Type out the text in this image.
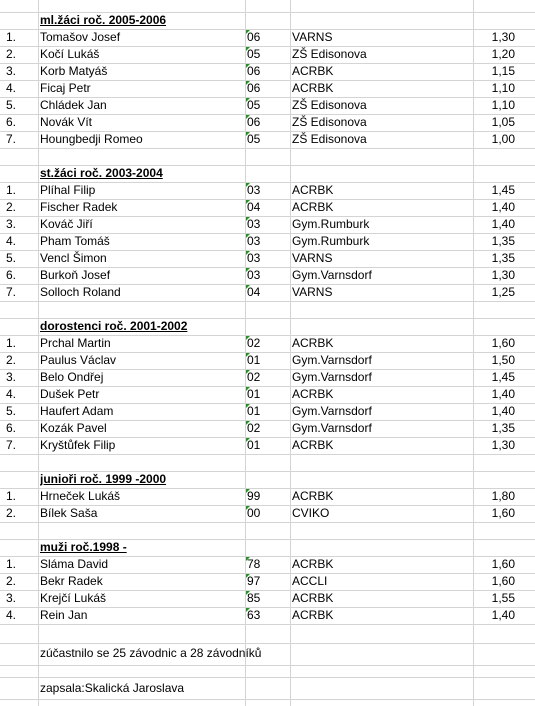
ml.žáci roč. 2005-2006
1.	Tomašov Josef	06	VARNS	1,30
2.	Kočí Lukáš	05	ZŠ Edisonova	1,20
3.	Korb Matyáš	06	ACRBK	1,15
4.	Ficaj Petr	06	ACRBK	1,10
5.	Chládek Jan	05	ZŠ Edisonova	1,10
6.	Novák Vít	06	ZŠ Edisonova	1,05
7.	Houngbedji Romeo	05	ZŠ Edisonova	1,00
st.žáci roč. 2003-2004
1.	Plíhal Filip	03	ACRBK	1,45
2.	Fischer Radek	04	ACRBK	1,40
3.	Kováč Jiří	03	Gym.Rumburk	1,40
4.	Pham Tomáš	03	Gym.Rumburk	1,35
5.	Vencl Šimon	03	VARNS	1,35
6.	Burkoň Josef	03	Gym.Varnsdorf	1,30
7.	Solloch Roland	04	VARNS	1,25
dorostenci roč. 2001-2002
1.	Prchal Martin	02	ACRBK	1,60
2.	Paulus Václav	01	Gym.Varnsdorf	1,50
3.	Belo Ondřej	02	Gym.Varnsdorf	1,45
4.	Dušek Petr	01	ACRBK	1,40
5.	Haufert Adam	01	Gym.Varnsdorf	1,40
6.	Kozák Pavel	02	Gym.Varnsdorf	1,35
7.	Kryštůfek Filip	01	ACRBK	1,30
junioři roč. 1999 -2000
1.	Hrneček Lukáš	99	ACRBK	1,80
2.	Bílek Saša	00	CVIKO	1,60
muži roč.1998 -
1.	Sláma David	78	ACRBK	1,60
2.	Bekr Radek	97	ACCLI	1,60
3.	Krejčí Lukáš	85	ACRBK	1,55
4.	Rein Jan	63	ACRBK	1,40
zúčastnilo se 25 závodnic a 28 závodníků
zapsala:Skalická Jaroslava
